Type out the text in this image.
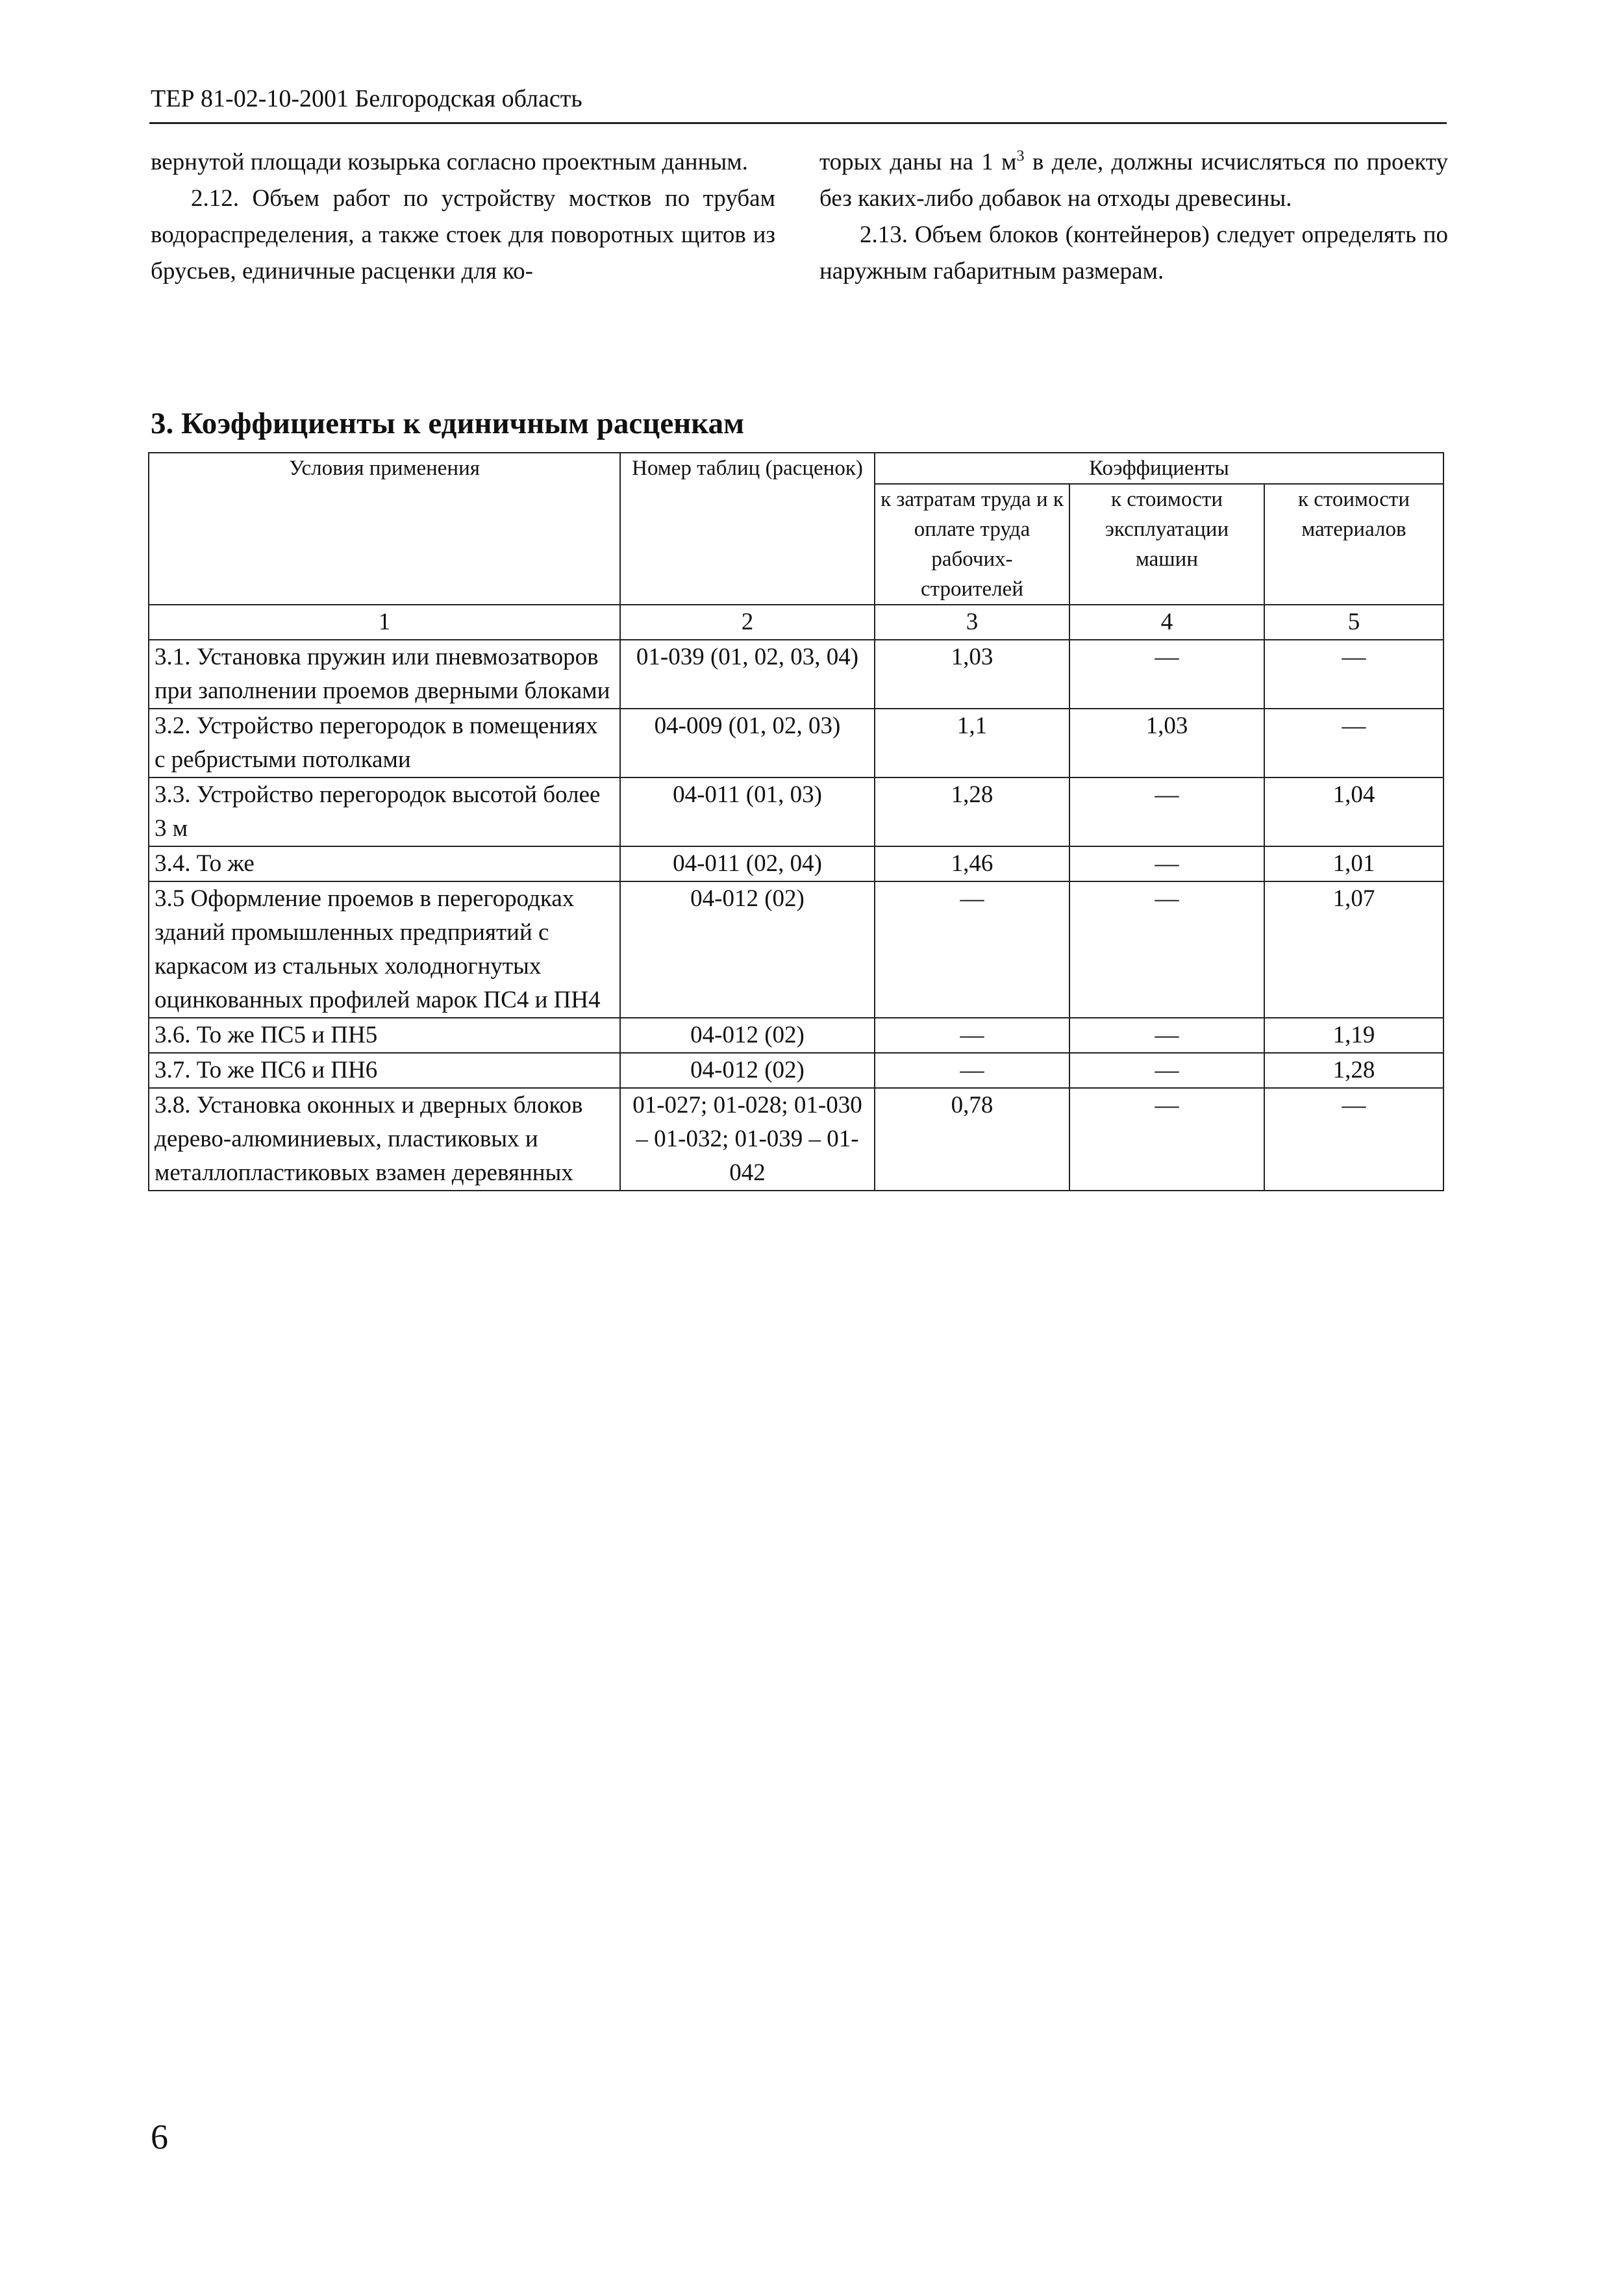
ТЕР 81-02-10-2001 Белгородская область

вернутой площади козырька согласно проектным данным.

2.12. Объем работ по устройству мостков по трубам водораспределения, а также стоек для поворотных щитов из брусьев, единичные расценки для ко-

торых даны на 1 $м^3$ в деле, должны исчисляться по проекту без каких-либо добавок на отходы древесины.

2.13. Объем блоков (контейнеров) следует определять по наружным габаритным размерам.

3. Коэффициенты к единичным расценкам
Условия применения	Номер таблиц (расценок)	Коэффициенты		
		к затратам труда и к оплате труда рабочих-строителей	к стоимости эксплуатации машин	к стоимости материалов
1	2	3	4	5
3.1. Установка пружин или пневмозатворов при заполнении проемов дверными блоками	01-039 (01, 02, 03, 04)	1,03	—	—
3.2. Устройство перегородок в помещениях с ребристыми потолками	04-009 (01, 02, 03)	1,1	1,03	—
3.3. Устройство перегородок высотой более 3 м	04-011 (01, 03)	1,28	—	1,04
3.4. То же	04-011 (02, 04)	1,46	—	1,01
3.5 Оформление проемов в перегородках зданий промышленных предприятий с каркасом из стальных холодногнутых оцинкованных профилей марок ПС4 и ПН4	04-012 (02)	—	—	1,07
3.6. То же ПС5 и ПН5	04-012 (02)	—	—	1,19
3.7. То же ПС6 и ПН6	04-012 (02)	—	—	1,28
3.8. Установка оконных и дверных блоков дерево-алюминиевых, пластиковых и металлопластиковых взамен деревянных	01-027; 01-028; 01-030 – 01-032; 01-039 – 01-042	0,78	—	—
6
